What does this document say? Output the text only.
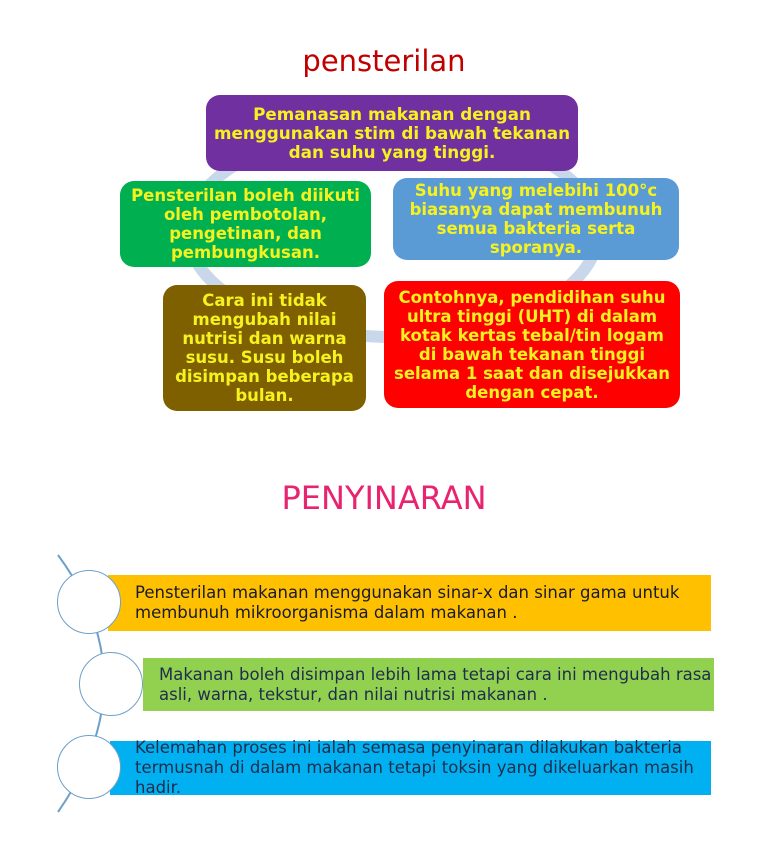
pensterilan
Pemanasan makanan dengan menggunakan stim di bawah tekanan dan suhu yang tinggi.
Pensterilan boleh diikuti oleh pembotolan, pengetinan, dan pembungkusan.
Suhu yang melebihi 100°c biasanya dapat membunuh semua bakteria serta sporanya.
Cara ini tidak mengubah nilai nutrisi dan warna susu. Susu boleh disimpan beberapa bulan.
Contohnya, pendidihan suhu ultra tinggi (UHT) di dalam kotak kertas tebal/tin logam di bawah tekanan tinggi selama 1 saat dan disejukkan dengan cepat.
PENYINARAN
Pensterilan makanan menggunakan sinar-x dan sinar gama untuk membunuh mikroorganisma dalam makanan .
Makanan boleh disimpan lebih lama tetapi cara ini mengubah rasa asli, warna, tekstur, dan nilai nutrisi makanan .
Kelemahan proses ini ialah semasa penyinaran dilakukan bakteria termusnah di dalam makanan tetapi toksin yang dikeluarkan masih hadir.
